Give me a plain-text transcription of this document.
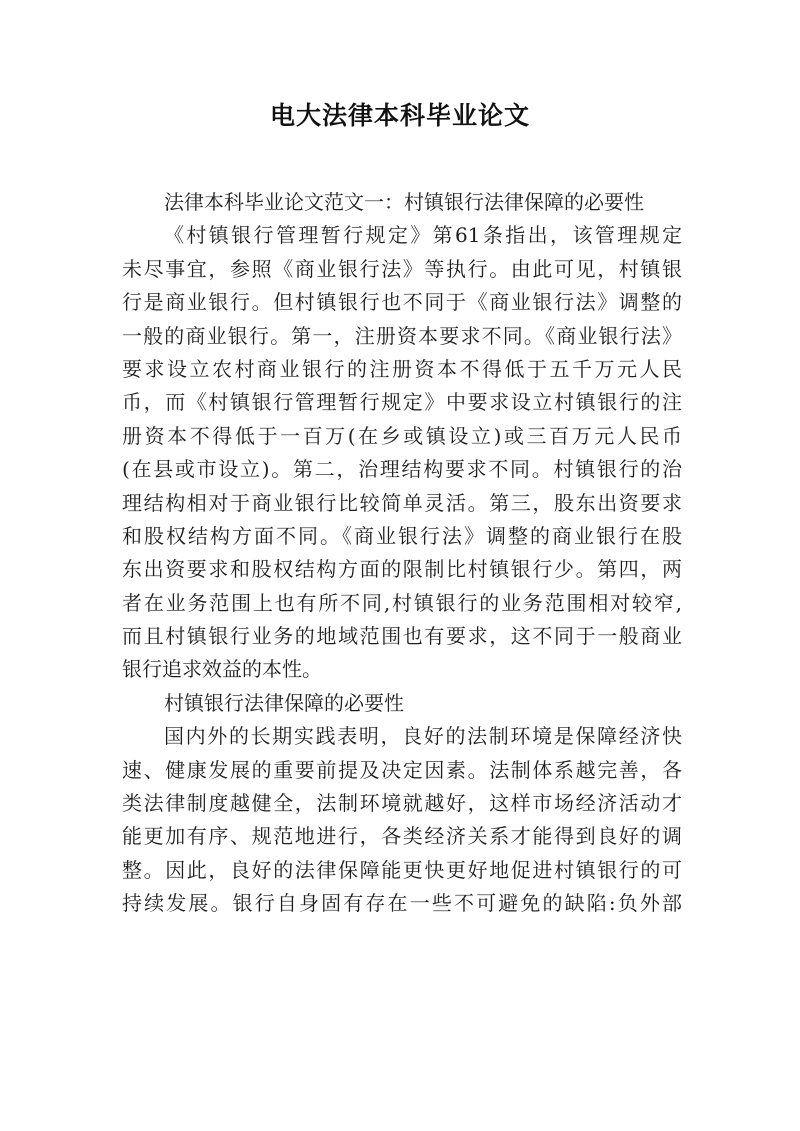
电大法律本科毕业论文
法律本科毕业论文范文一：村镇银行法律保障的必要性
《村镇银行管理暂行规定》第61条指出，该管理规定
未尽事宜，参照《商业银行法》等执行。由此可见，村镇银
行是商业银行。但村镇银行也不同于《商业银行法》调整的
一般的商业银行。第一，注册资本要求不同。《商业银行法》
要求设立农村商业银行的注册资本不得低于五千万元人民
币，而《村镇银行管理暂行规定》中要求设立村镇银行的注
册资本不得低于一百万(在乡或镇设立)或三百万元人民币
(在县或市设立)。第二，治理结构要求不同。村镇银行的治
理结构相对于商业银行比较简单灵活。第三，股东出资要求
和股权结构方面不同。《商业银行法》调整的商业银行在股
东出资要求和股权结构方面的限制比村镇银行少。第四，两
者在业务范围上也有所不同,村镇银行的业务范围相对较窄,
而且村镇银行业务的地域范围也有要求，这不同于一般商业
银行追求效益的本性。
村镇银行法律保障的必要性
国内外的长期实践表明，良好的法制环境是保障经济快
速、健康发展的重要前提及决定因素。法制体系越完善，各
类法律制度越健全，法制环境就越好，这样市场经济活动才
能更加有序、规范地进行，各类经济关系才能得到良好的调
整。因此，良好的法律保障能更快更好地促进村镇银行的可
持续发展。银行自身固有存在一些不可避免的缺陷:负外部
